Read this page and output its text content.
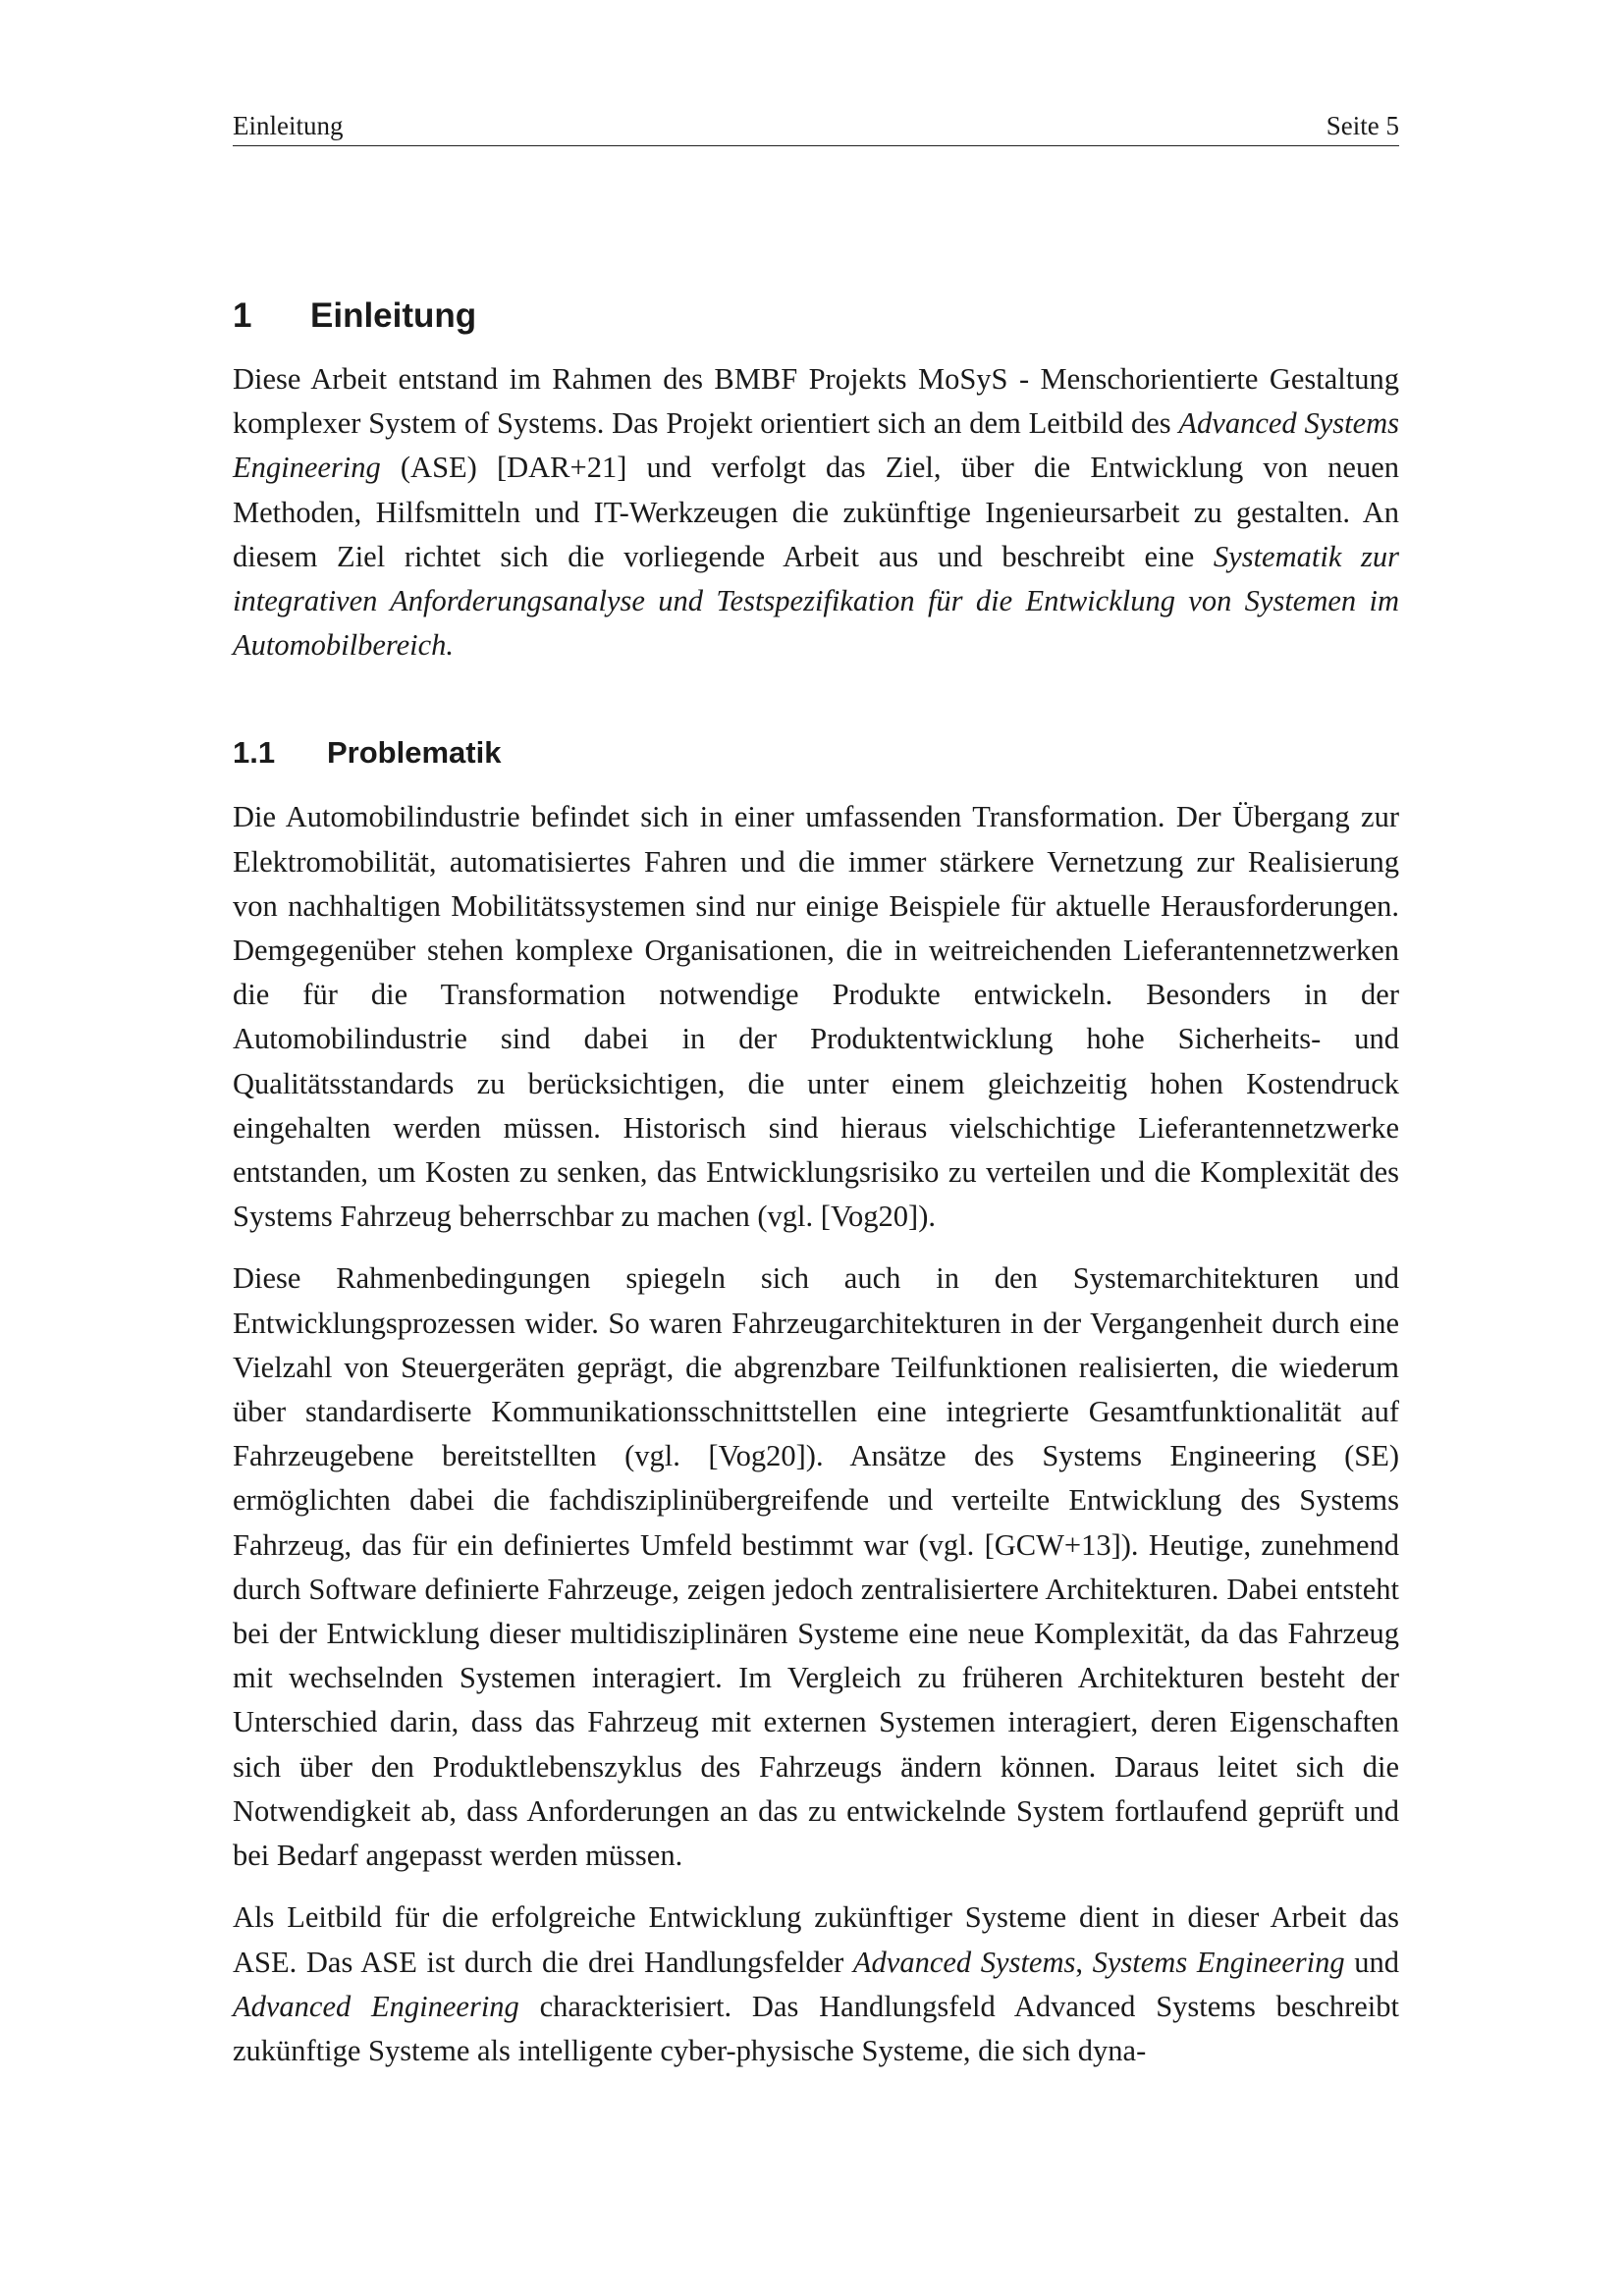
Einleitung	Seite 5
1	Einleitung

Diese Arbeit entstand im Rahmen des BMBF Projekts MoSyS - Menschorientierte Gestaltung komplexer System of Systems. Das Projekt orientiert sich an dem Leitbild des Advanced Systems Engineering (ASE) [DAR+21] und verfolgt das Ziel, über die Entwicklung von neuen Methoden, Hilfsmitteln und IT-Werkzeugen die zukünftige Ingenieursarbeit zu gestalten. An diesem Ziel richtet sich die vorliegende Arbeit aus und beschreibt eine Systematik zur integrativen Anforderungsanalyse und Testspezifikation für die Entwicklung von Systemen im Automobilbereich.

1.1	Problematik

Die Automobilindustrie befindet sich in einer umfassenden Transformation. Der Übergang zur Elektromobilität, automatisiertes Fahren und die immer stärkere Vernetzung zur Realisierung von nachhaltigen Mobilitätssystemen sind nur einige Beispiele für aktuelle Herausforderungen. Demgegenüber stehen komplexe Organisationen, die in weitreichenden Lieferantennetzwerken die für die Transformation notwendige Produkte entwickeln. Besonders in der Automobilindustrie sind dabei in der Produktentwicklung hohe Sicherheits- und Qualitätsstandards zu berücksichtigen, die unter einem gleichzeitig hohen Kostendruck eingehalten werden müssen. Historisch sind hieraus vielschichtige Lieferantennetzwerke entstanden, um Kosten zu senken, das Entwicklungsrisiko zu verteilen und die Komplexität des Systems Fahrzeug beherrschbar zu machen (vgl. [Vog20]).

Diese Rahmenbedingungen spiegeln sich auch in den Systemarchitekturen und Entwicklungsprozessen wider. So waren Fahrzeugarchitekturen in der Vergangenheit durch eine Vielzahl von Steuergeräten geprägt, die abgrenzbare Teilfunktionen realisierten, die wiederum über standardiserte Kommunikationsschnittstellen eine integrierte Gesamtfunktionalität auf Fahrzeugebene bereitstellten (vgl. [Vog20]). Ansätze des Systems Engineering (SE) ermöglichten dabei die fachdisziplinübergreifende und verteilte Entwicklung des Systems Fahrzeug, das für ein definiertes Umfeld bestimmt war (vgl. [GCW+13]). Heutige, zunehmend durch Software definierte Fahrzeuge, zeigen jedoch zentralisiertere Architekturen. Dabei entsteht bei der Entwicklung dieser multidisziplinären Systeme eine neue Komplexität, da das Fahrzeug mit wechselnden Systemen interagiert. Im Vergleich zu früheren Architekturen besteht der Unterschied darin, dass das Fahrzeug mit externen Systemen interagiert, deren Eigenschaften sich über den Produktlebenszyklus des Fahrzeugs ändern können. Daraus leitet sich die Notwendigkeit ab, dass Anforderungen an das zu entwickelnde System fortlaufend geprüft und bei Bedarf angepasst werden müssen.

Als Leitbild für die erfolgreiche Entwicklung zukünftiger Systeme dient in dieser Arbeit das ASE. Das ASE ist durch die drei Handlungsfelder Advanced Systems, Systems Engineering und Advanced Engineering charackterisiert. Das Handlungsfeld Advanced Systems beschreibt zukünftige Systeme als intelligente cyber-physische Systeme, die sich dyna-
